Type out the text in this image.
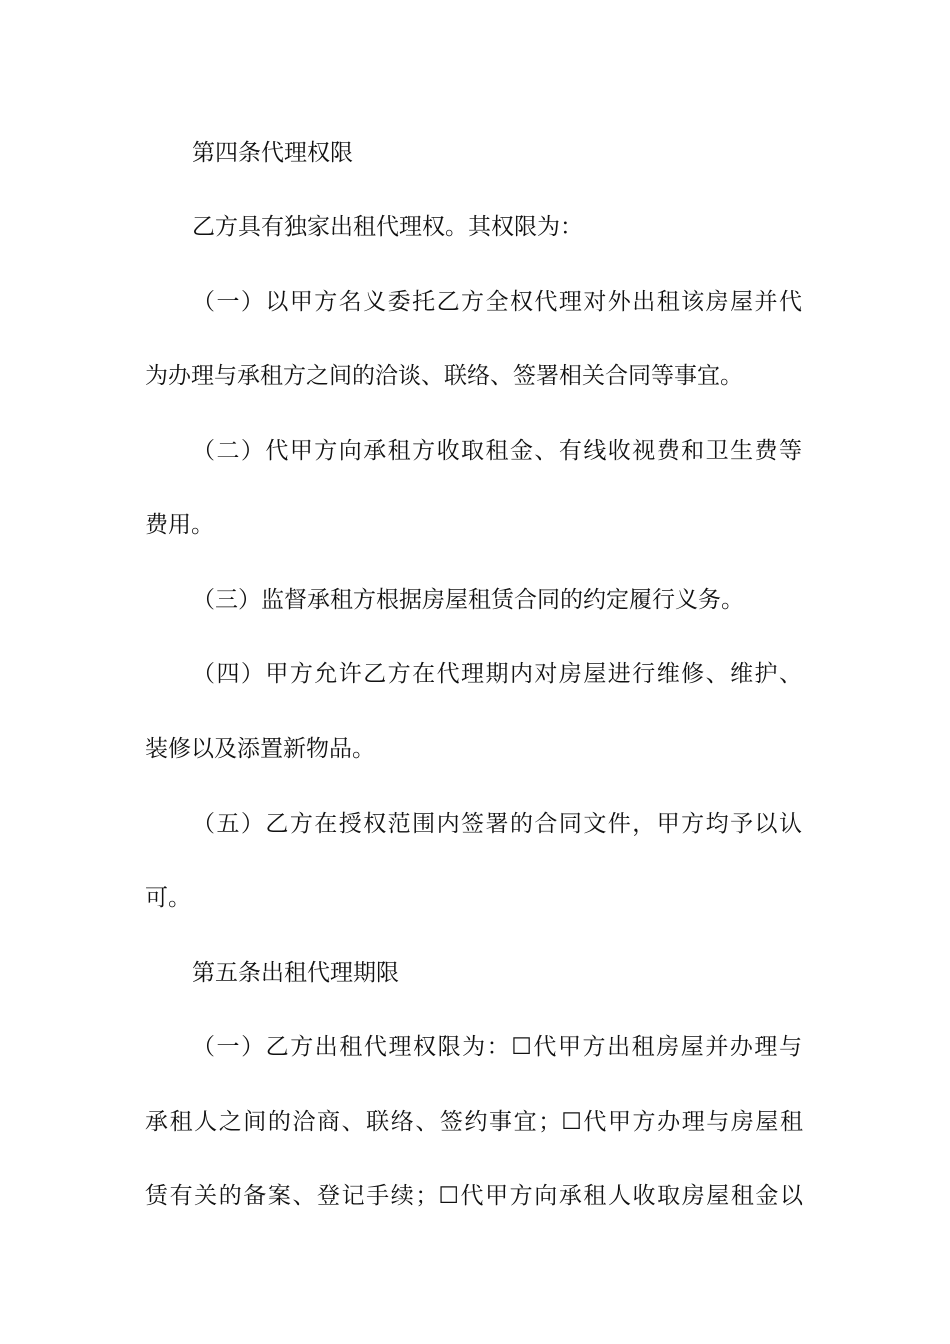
第四条代理权限

乙方具有独家出租代理权。其权限为：

（一）以甲方名义委托乙方全权代理对外出租该房屋并代

为办理与承租方之间的洽谈、联络、签署相关合同等事宜。

（二）代甲方向承租方收取租金、有线收视费和卫生费等

费用。

（三）监督承租方根据房屋租赁合同的约定履行义务。

（四）甲方允许乙方在代理期内对房屋进行维修、维护、

装修以及添置新物品。

（五）乙方在授权范围内签署的合同文件，甲方均予以认

可。

第五条出租代理期限

（一）乙方出租代理权限为：☐代甲方出租房屋并办理与

承租人之间的洽商、联络、签约事宜；☐代甲方办理与房屋租

赁有关的备案、登记手续；☐代甲方向承租人收取房屋租金以
